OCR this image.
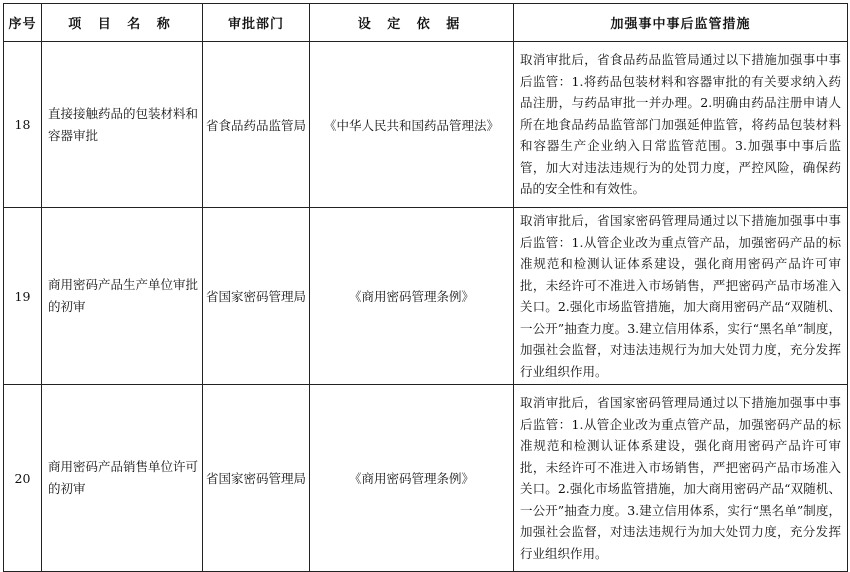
序号	项 目 名 称	审批部门	设 定 依 据	加强事中事后监管措施
18	直接接触药品的包装材料和容器审批	省食品药品监管局	《中华人民共和国药品管理法》	取消审批后，省食品药品监管局通过以下措施加强事中事后监管：1.将药品包装材料和容器审批的有关要求纳入药品注册，与药品审批一并办理。2.明确由药品注册申请人所在地食品药品监管部门加强延伸监管，将药品包装材料和容器生产企业纳入日常监管范围。3.加强事中事后监管，加大对违法违规行为的处罚力度，严控风险，确保药品的安全性和有效性。
19	商用密码产品生产单位审批的初审	省国家密码管理局	《商用密码管理条例》	取消审批后，省国家密码管理局通过以下措施加强事中事后监管：1.从管企业改为重点管产品，加强密码产品的标准规范和检测认证体系建设，强化商用密码产品许可审批，未经许可不准进入市场销售，严把密码产品市场准入关口。2.强化市场监管措施，加大商用密码产品“双随机、一公开”抽查力度。3.建立信用体系，实行“黑名单”制度，加强社会监督，对违法违规行为加大处罚力度，充分发挥行业组织作用。
20	商用密码产品销售单位许可的初审	省国家密码管理局	《商用密码管理条例》	取消审批后，省国家密码管理局通过以下措施加强事中事后监管：1.从管企业改为重点管产品，加强密码产品的标准规范和检测认证体系建设，强化商用密码产品许可审批，未经许可不准进入市场销售，严把密码产品市场准入关口。2.强化市场监管措施，加大商用密码产品“双随机、一公开”抽查力度。3.建立信用体系，实行“黑名单”制度，加强社会监督，对违法违规行为加大处罚力度，充分发挥行业组织作用。
